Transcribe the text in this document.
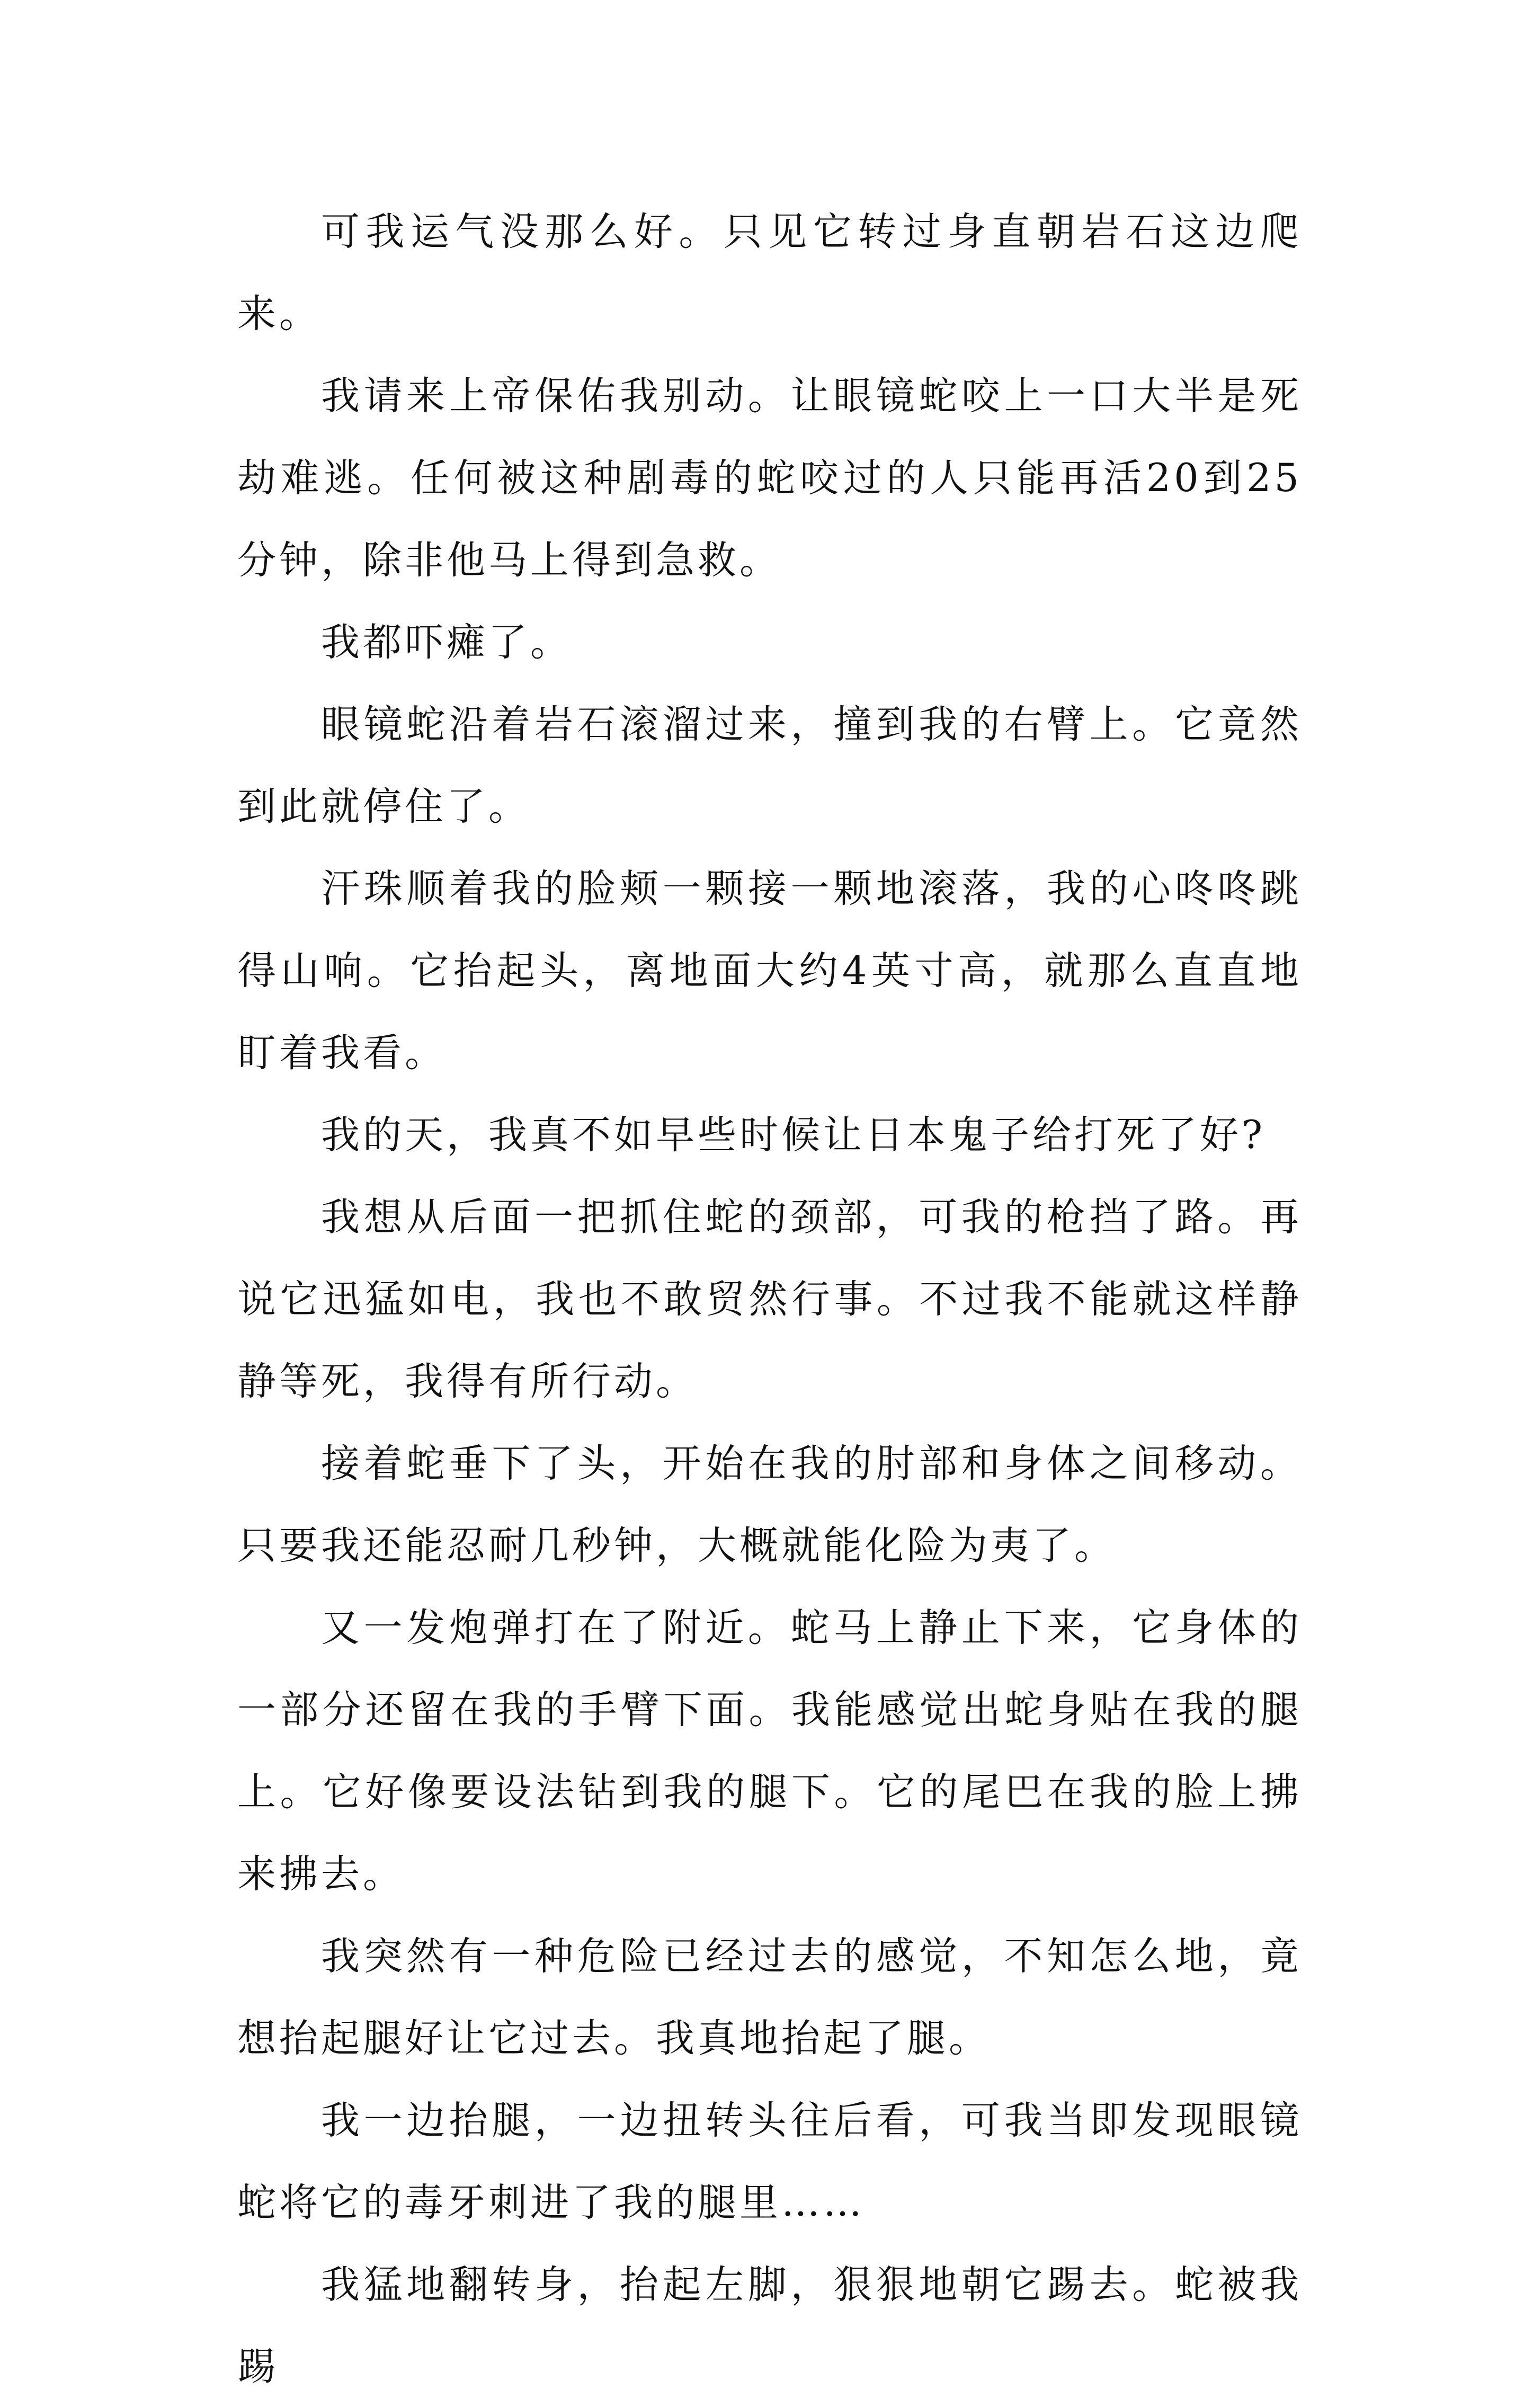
可我运气没那么好。只见它转过身直朝岩石这边爬来。

我请来上帝保佑我别动。让眼镜蛇咬上一口大半是死劫难逃。任何被这种剧毒的蛇咬过的人只能再活20到25分钟，除非他马上得到急救。

我都吓瘫了。

眼镜蛇沿着岩石滚溜过来，撞到我的右臂上。它竟然到此就停住了。

汗珠顺着我的脸颊一颗接一颗地滚落，我的心咚咚跳得山响。它抬起头，离地面大约4英寸高，就那么直直地盯着我看。

我的天，我真不如早些时候让日本鬼子给打死了好?

我想从后面一把抓住蛇的颈部，可我的枪挡了路。再说它迅猛如电，我也不敢贸然行事。不过我不能就这样静静等死，我得有所行动。

接着蛇垂下了头，开始在我的肘部和身体之间移动。只要我还能忍耐几秒钟，大概就能化险为夷了。

又一发炮弹打在了附近。蛇马上静止下来，它身体的一部分还留在我的手臂下面。我能感觉出蛇身贴在我的腿上。它好像要设法钻到我的腿下。它的尾巴在我的脸上拂来拂去。

我突然有一种危险已经过去的感觉，不知怎么地，竟想抬起腿好让它过去。我真地抬起了腿。

我一边抬腿，一边扭转头往后看，可我当即发现眼镜蛇将它的毒牙刺进了我的腿里……

我猛地翻转身，抬起左脚，狠狠地朝它踢去。蛇被我踢
